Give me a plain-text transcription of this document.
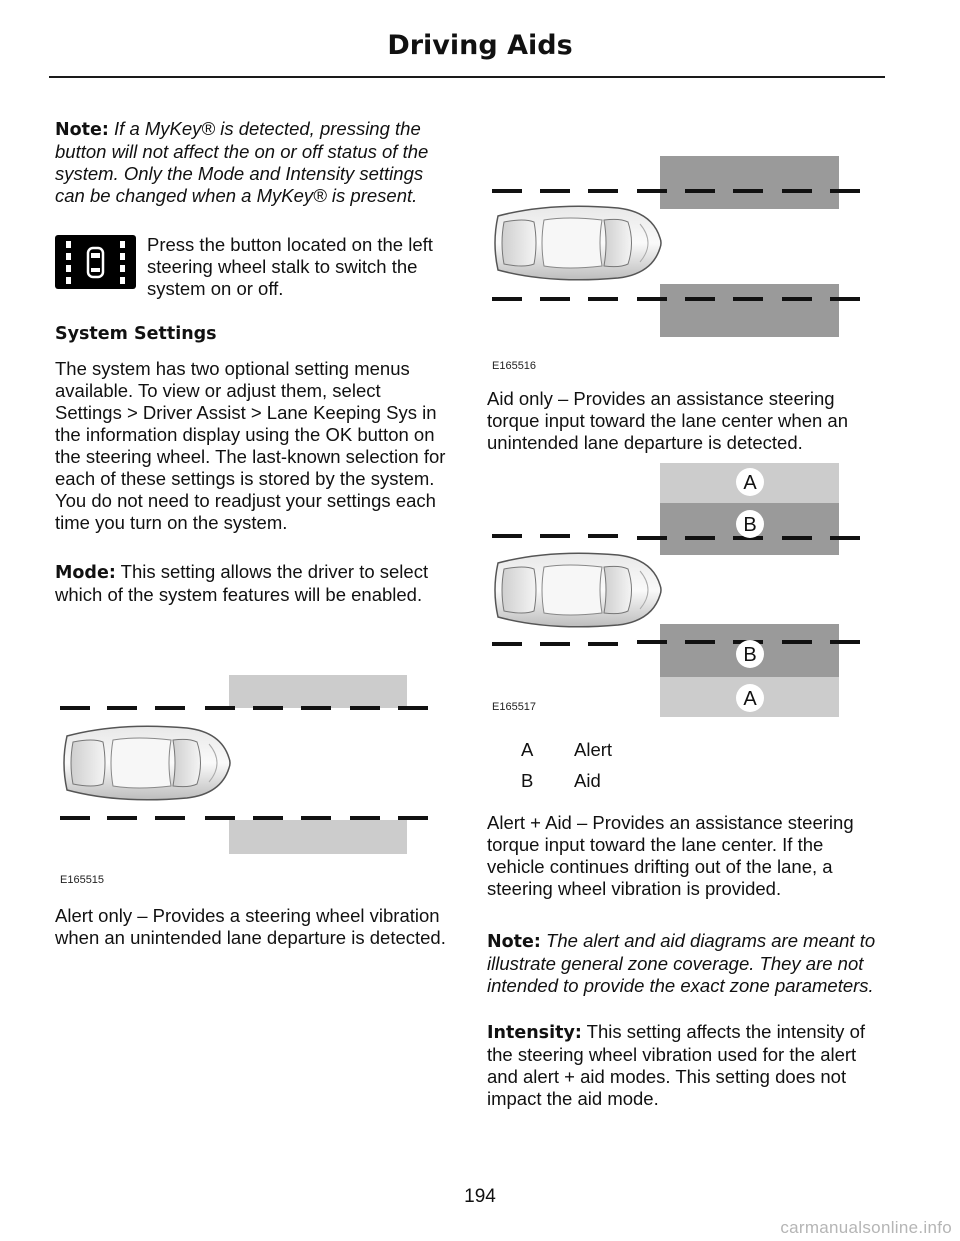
Driving Aids

Note: If a MyKey® is detected, pressing the button will not affect the on or off status of the system. Only the Mode and Intensity settings can be changed when a MyKey® is present.

Press the button located on the left steering wheel stalk to switch the system on or off.

System Settings

The system has two optional setting menus available. To view or adjust them, select Settings > Driver Assist > Lane Keeping Sys in the information display using the OK button on the steering wheel. The last-known selection for each of these settings is stored by the system. You do not need to readjust your settings each time you turn on the system.

Mode: This setting allows the driver to select which of the system features will be enabled.

E165515

Alert only – Provides a steering wheel vibration when an unintended lane departure is detected.

E165516

Aid only – Provides an assistance steering torque input toward the lane center when an unintended lane departure is detected.

A
B
B
A
E165517
A Alert
B Aid

Alert + Aid – Provides an assistance steering torque input toward the lane center. If the vehicle continues drifting out of the lane, a steering wheel vibration is provided.

Note: The alert and aid diagrams are meant to illustrate general zone coverage. They are not intended to provide the exact zone parameters.

Intensity: This setting affects the intensity of the steering wheel vibration used for the alert and alert + aid modes. This setting does not impact the aid mode.

194
carmanualsonline.info
